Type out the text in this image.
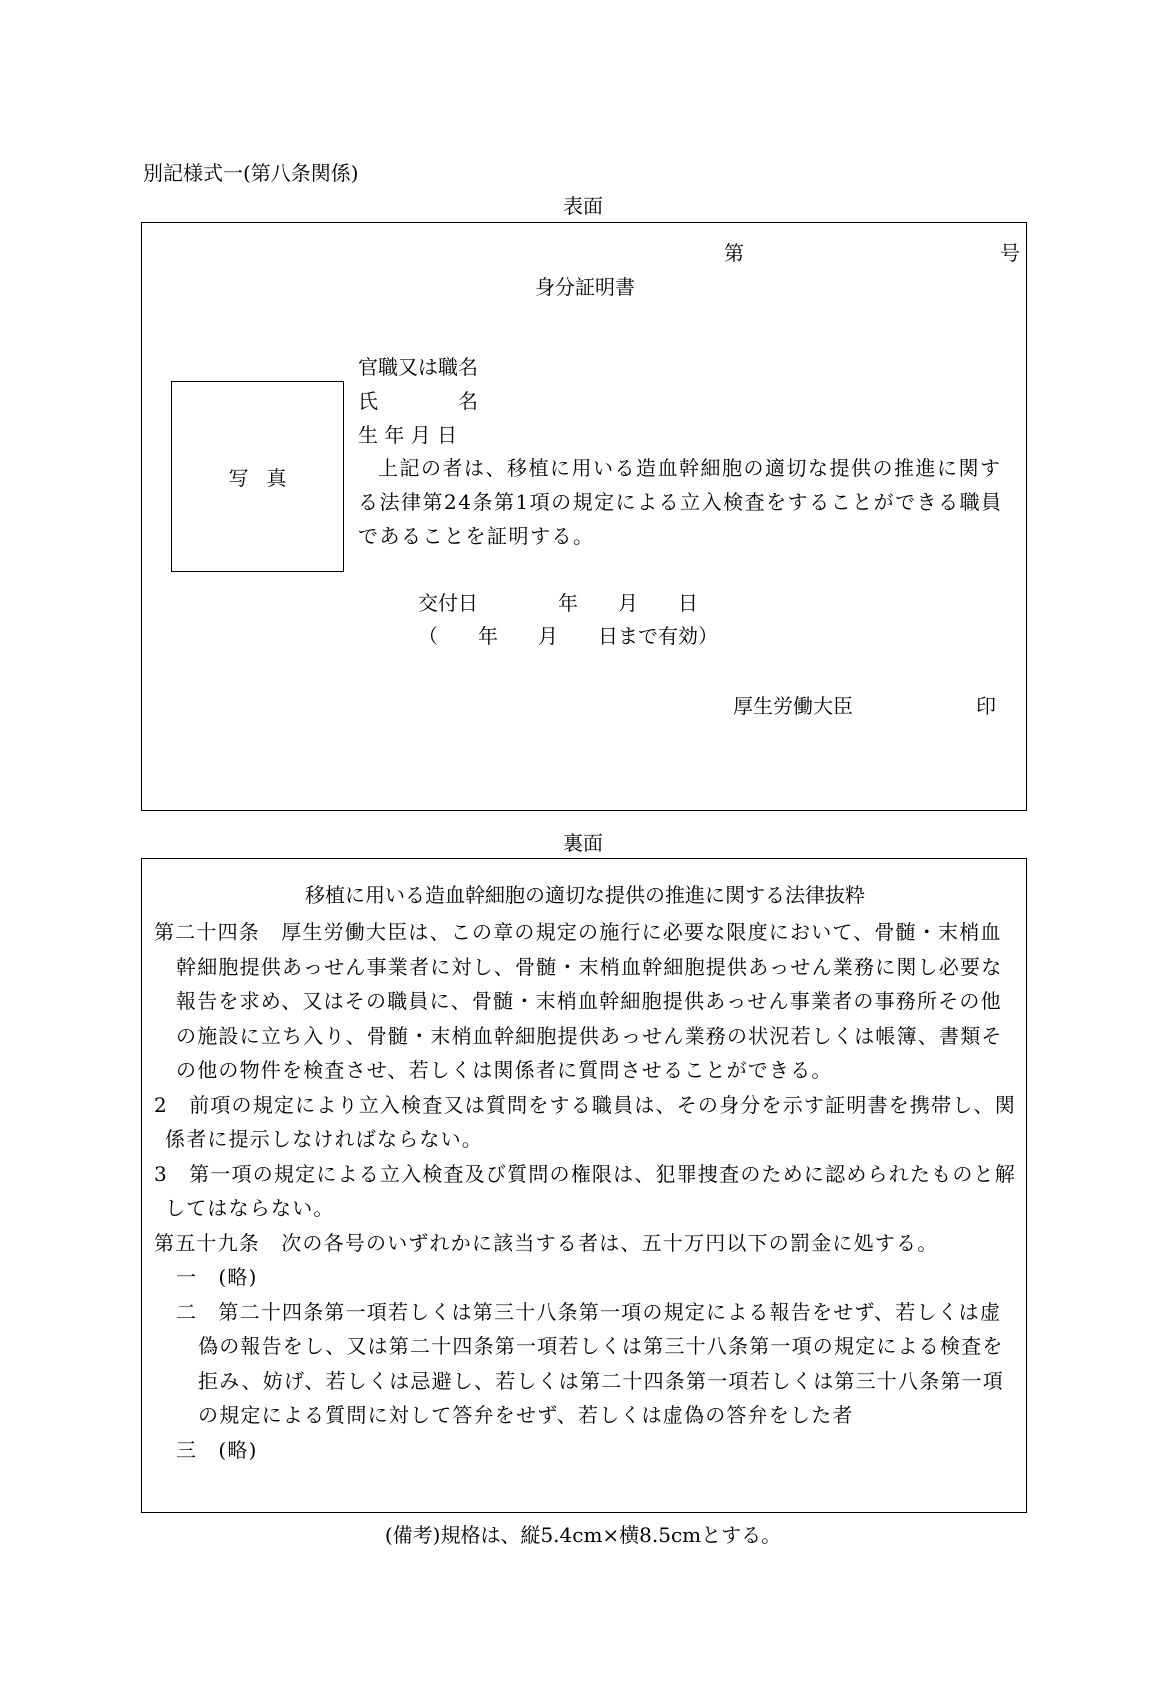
別記様式一(第八条関係)
表面
第	号
身分証明書
写真
官職又は職名
氏　　　　名
生 年 月 日
上記の者は、移植に用いる造血幹細胞の適切な提供の推進に関する法律第24条第1項の規定による立入検査をすることができる職員であることを証明する。
交付日　　　　年　　月　　日
（　　年　　月　　日まで有効）
厚生労働大臣	印
裏面
移植に用いる造血幹細胞の適切な提供の推進に関する法律抜粋

第二十四条　厚生労働大臣は、この章の規定の施行に必要な限度において、骨髄・末梢血幹細胞提供あっせん事業者に対し、骨髄・末梢血幹細胞提供あっせん業務に関し必要な報告を求め、又はその職員に、骨髄・末梢血幹細胞提供あっせん事業者の事務所その他の施設に立ち入り、骨髄・末梢血幹細胞提供あっせん業務の状況若しくは帳簿、書類その他の物件を検査させ、若しくは関係者に質問させることができる。

2　前項の規定により立入検査又は質問をする職員は、その身分を示す証明書を携帯し、関係者に提示しなければならない。

3　第一項の規定による立入検査及び質問の権限は、犯罪捜査のために認められたものと解してはならない。

第五十九条　次の各号のいずれかに該当する者は、五十万円以下の罰金に処する。

一　(略)

二　第二十四条第一項若しくは第三十八条第一項の規定による報告をせず、若しくは虚偽の報告をし、又は第二十四条第一項若しくは第三十八条第一項の規定による検査を拒み、妨げ、若しくは忌避し、若しくは第二十四条第一項若しくは第三十八条第一項の規定による質問に対して答弁をせず、若しくは虚偽の答弁をした者

三　(略)

(備考)規格は、縦5.4cm×横8.5cmとする。
